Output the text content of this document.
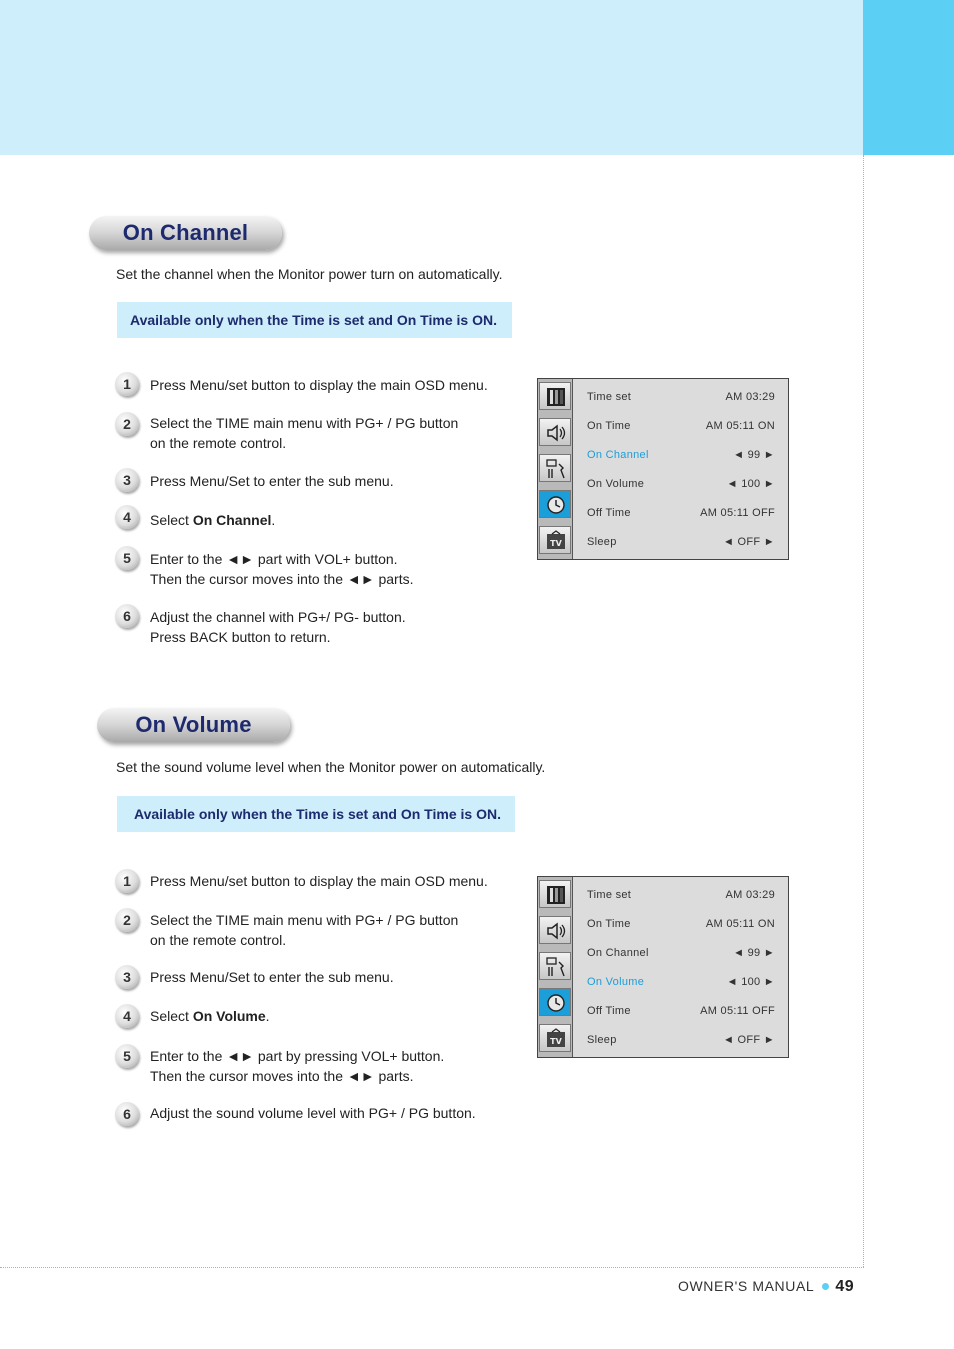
On Channel
Set the channel when the Monitor power turn on automatically.
Available only when the Time is set and On Time is ON.
1	Press Menu/set button to display the main OSD menu.
2	Select the TIME main menu with PG+ / PG button
on the remote control.
3	Press Menu/Set to enter the sub menu.
4	Select On Channel.
5	Enter to the ◄► part with VOL+ button.
Then the cursor moves into the ◄► parts.
6	Adjust the channel with PG+/ PG- button.
Press BACK button to return.
TV
Time set	AM 03:29
On Time	AM 05:11 ON
On Channel	◄ 99 ►
On Volume	◄ 100 ►
Off Time	AM 05:11 OFF
Sleep	◄ OFF ►
On Volume
Set the sound volume level when the Monitor power on automatically.
Available only when the Time is set and On Time is ON.
1	Press Menu/set button to display the main OSD menu.
2	Select the TIME main menu with PG+ / PG button
on the remote control.
3	Press Menu/Set to enter the sub menu.
4	Select On Volume.
5	Enter to the ◄► part by pressing VOL+ button.
Then the cursor moves into the ◄► parts.
6	Adjust the sound volume level with PG+ / PG button.
TV
Time set	AM 03:29
On Time	AM 05:11 ON
On Channel	◄ 99 ►
On Volume	◄ 100 ►
Off Time	AM 05:11 OFF
Sleep	◄ OFF ►
OWNER'S MANUAL 49
